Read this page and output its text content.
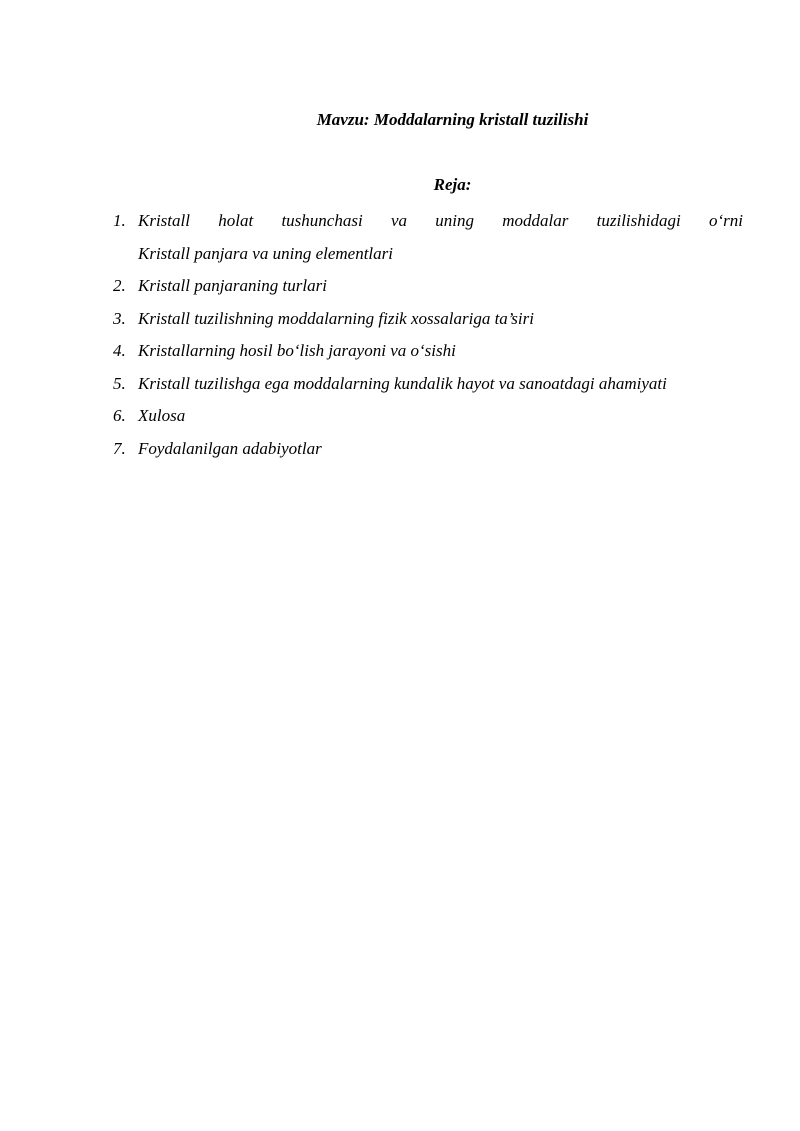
Mavzu: Moddalarning kristall tuzilishi
Reja:
1. Kristall holat tushunchasi va uning moddalar tuzilishidagi o‘rni
Kristall panjara va uning elementlari
2. Kristall panjaraning turlari
3. Kristall tuzilishning moddalarning fizik xossalariga ta’siri
4. Kristallarning hosil bo‘lish jarayoni va o‘sishi
5. Kristall tuzilishga ega moddalarning kundalik hayot va sanoatdagi ahamiyati
6. Xulosa
7. Foydalanilgan adabiyotlar
